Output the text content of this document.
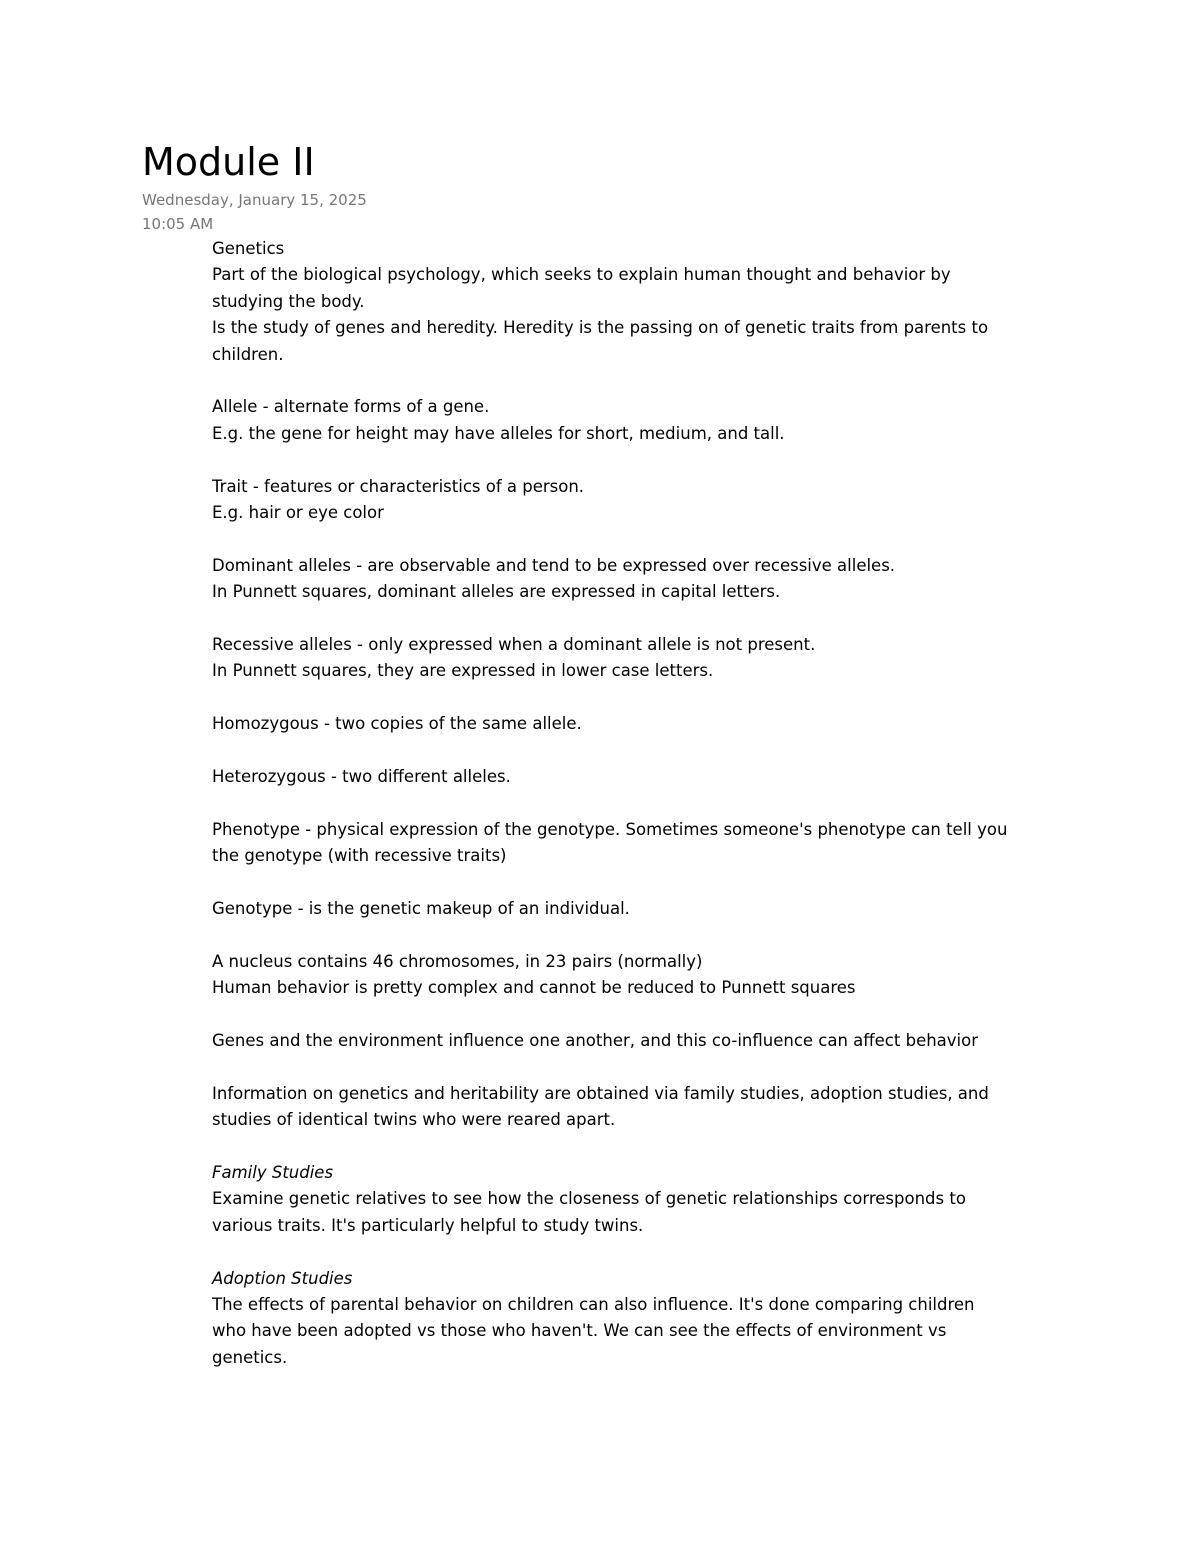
Module II
Wednesday, January 15, 2025
10:05 AM

Genetics

Part of the biological psychology, which seeks to explain human thought and behavior by

studying the body.

Is the study of genes and heredity. Heredity is the passing on of genetic traits from parents to

children.

Allele - alternate forms of a gene.

E.g. the gene for height may have alleles for short, medium, and tall.

Trait - features or characteristics of a person.

E.g. hair or eye color

Dominant alleles - are observable and tend to be expressed over recessive alleles.

In Punnett squares, dominant alleles are expressed in capital letters.

Recessive alleles - only expressed when a dominant allele is not present.

In Punnett squares, they are expressed in lower case letters.

Homozygous - two copies of the same allele.

Heterozygous - two different alleles.

Phenotype - physical expression of the genotype. Sometimes someone's phenotype can tell you

the genotype (with recessive traits)

Genotype - is the genetic makeup of an individual.

A nucleus contains 46 chromosomes, in 23 pairs (normally)

Human behavior is pretty complex and cannot be reduced to Punnett squares

Genes and the environment influence one another, and this co-influence can affect behavior

Information on genetics and heritability are obtained via family studies, adoption studies, and

studies of identical twins who were reared apart.

Family Studies

Examine genetic relatives to see how the closeness of genetic relationships corresponds to

various traits. It's particularly helpful to study twins.

Adoption Studies

The effects of parental behavior on children can also influence. It's done comparing children

who have been adopted vs those who haven't. We can see the effects of environment vs

genetics.
